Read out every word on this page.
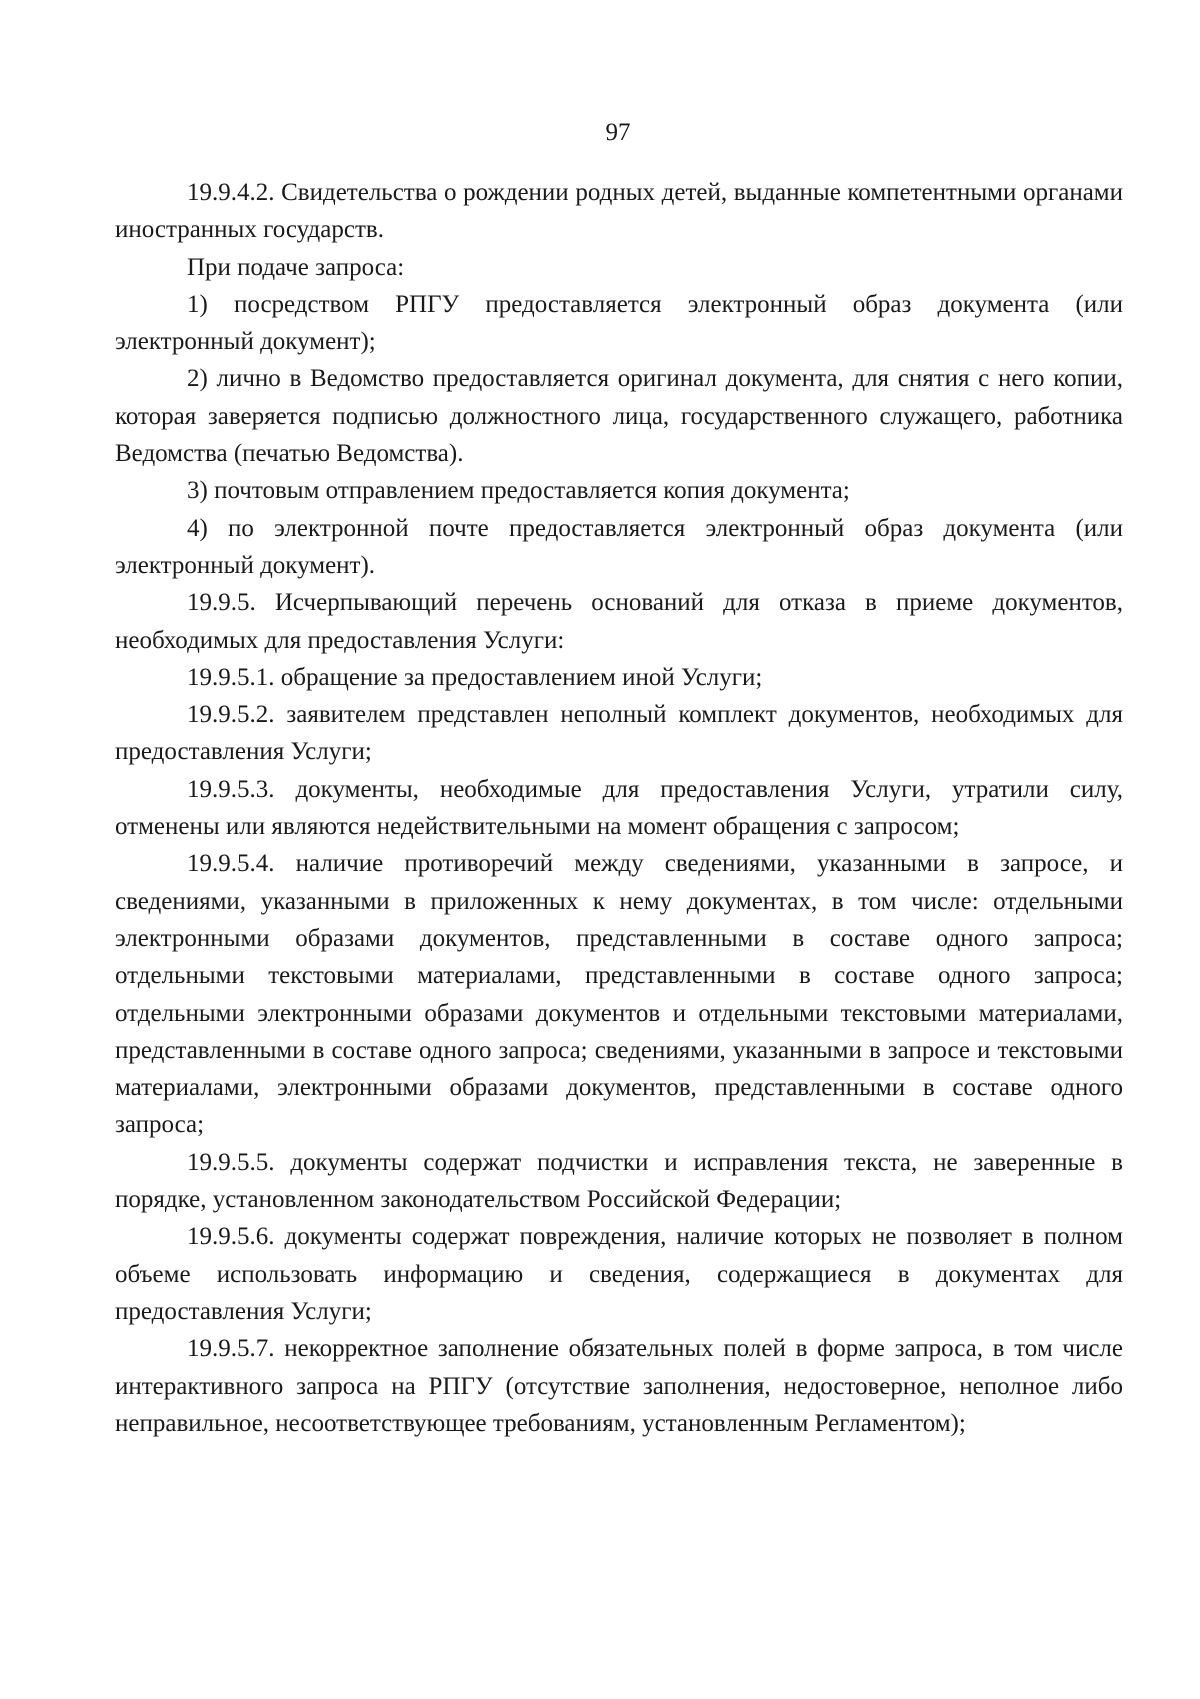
97

19.9.4.2. Свидетельства о рождении родных детей, выданные компетентными органами иностранных государств.

При подаче запроса:

1) посредством РПГУ предоставляется электронный образ документа (или электронный документ);

2) лично в Ведомство предоставляется оригинал документа, для снятия с него копии, которая заверяется подписью должностного лица, государственного служащего, работника Ведомства (печатью Ведомства).

3) почтовым отправлением предоставляется копия документа;

4) по электронной почте предоставляется электронный образ документа (или электронный документ).

19.9.5. Исчерпывающий перечень оснований для отказа в приеме документов, необходимых для предоставления Услуги:

19.9.5.1. обращение за предоставлением иной Услуги;

19.9.5.2. заявителем представлен неполный комплект документов, необходимых для предоставления Услуги;

19.9.5.3. документы, необходимые для предоставления Услуги, утратили силу, отменены или являются недействительными на момент обращения с запросом;

19.9.5.4. наличие противоречий между сведениями, указанными в запросе, и сведениями, указанными в приложенных к нему документах, в том числе: отдельными электронными образами документов, представленными в составе одного запроса; отдельными текстовыми материалами, представленными в составе одного запроса; отдельными электронными образами документов и отдельными текстовыми материалами, представленными в составе одного запроса; сведениями, указанными в запросе и текстовыми материалами, электронными образами документов, представленными в составе одного запроса;

19.9.5.5. документы содержат подчистки и исправления текста, не заверенные в порядке, установленном законодательством Российской Федерации;

19.9.5.6. документы содержат повреждения, наличие которых не позволяет в полном объеме использовать информацию и сведения, содержащиеся в документах для предоставления Услуги;

19.9.5.7. некорректное заполнение обязательных полей в форме запроса, в том числе интерактивного запроса на РПГУ (отсутствие заполнения, недостоверное, неполное либо неправильное, несоответствующее требованиям, установленным Регламентом);
